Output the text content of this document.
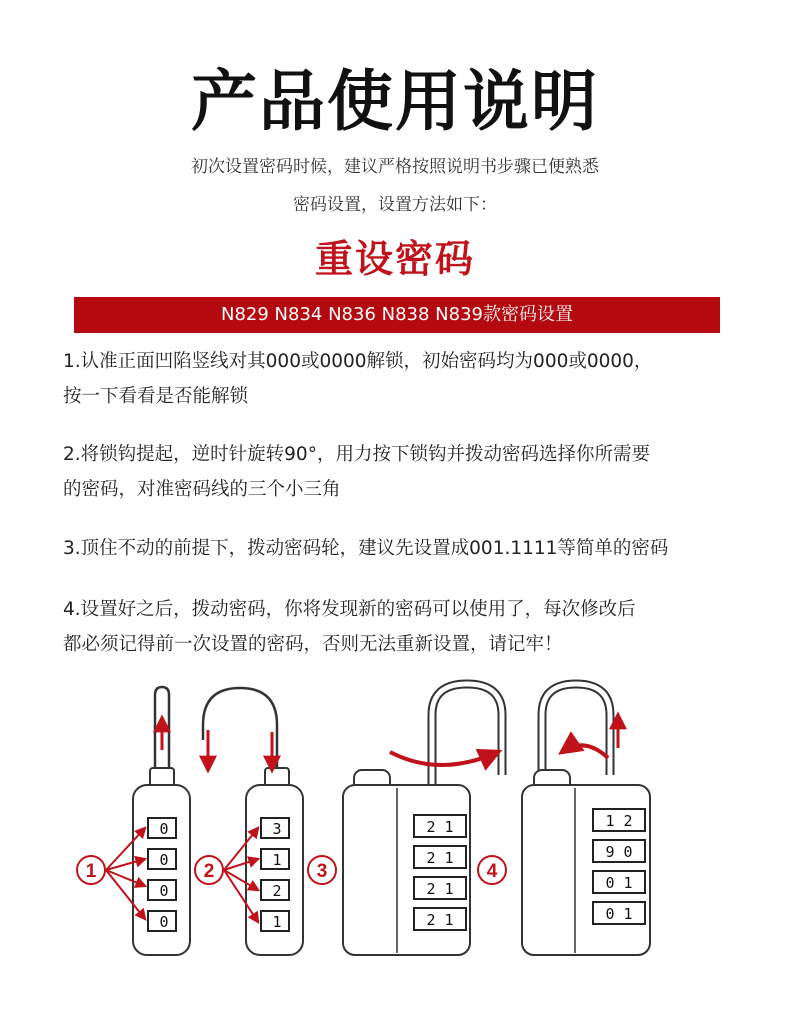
产品使用说明
初次设置密码时候，建议严格按照说明书步骤已便熟悉
密码设置，设置方法如下：
重设密码
N829 N834 N836 N838 N839款密码设置

1.认准正面凹陷竖线对其000或0000解锁，初始密码均为000或0000，

按一下看看是否能解锁

2.将锁钩提起，逆时针旋转90°，用力按下锁钩并拨动密码选择你所需要

的密码，对准密码线的三个小三角

3.顶住不动的前提下，拨动密码轮，建议先设置成001.1111等简单的密码

4.设置好之后，拨动密码，你将发现新的密码可以使用了，每次修改后

都必须记得前一次设置的密码，否则无法重新设置，请记牢！

1	2	3	4
0
0
0
0
3
1
2
1
2 1
2 1
2 1
2 1
1 2
9 0
0 1
0 1
